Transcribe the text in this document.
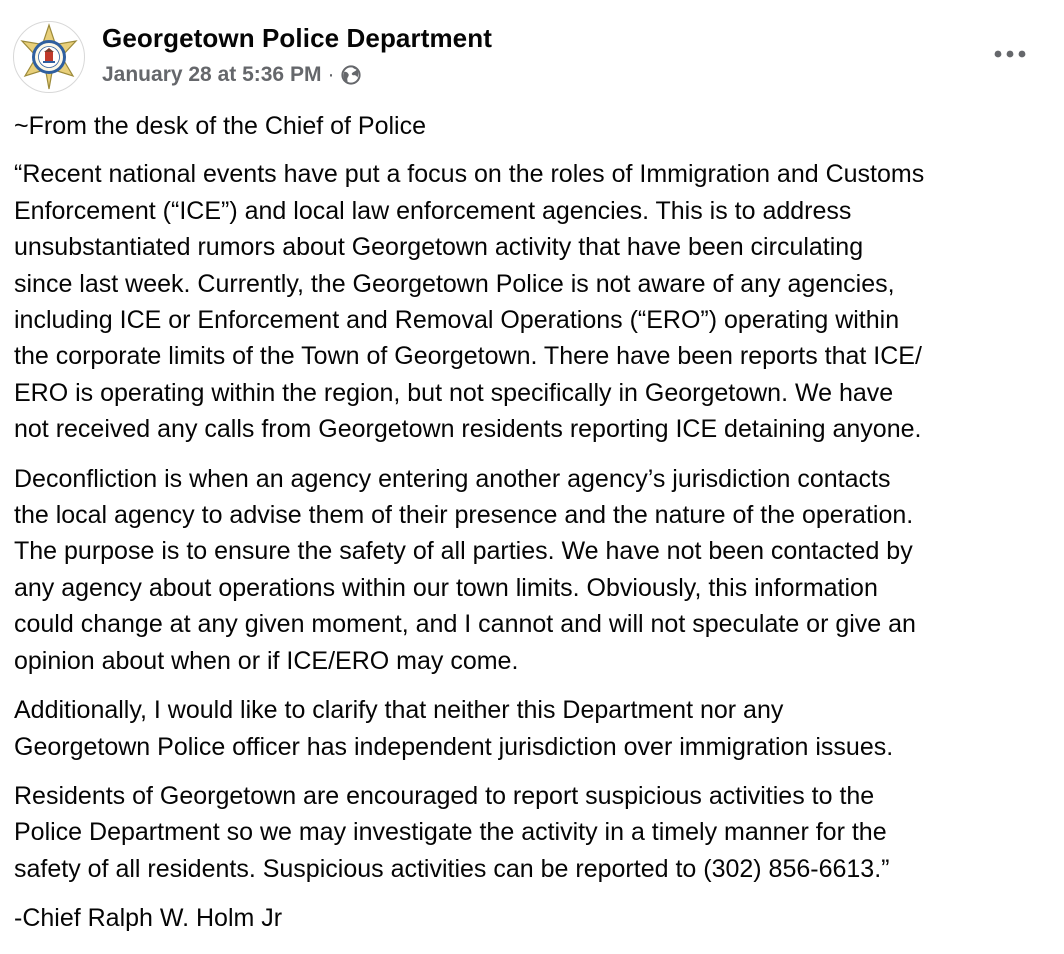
Georgetown Police Department
January 28 at 5:36 PM ·

~From the desk of the Chief of Police

“Recent national events have put a focus on the roles of Immigration and Customs
Enforcement (“ICE”) and local law enforcement agencies. This is to address
unsubstantiated rumors about Georgetown activity that have been circulating
since last week. Currently, the Georgetown Police is not aware of any agencies,
including ICE or Enforcement and Removal Operations (“ERO”) operating within
the corporate limits of the Town of Georgetown. There have been reports that ICE/
ERO is operating within the region, but not specifically in Georgetown. We have
not received any calls from Georgetown residents reporting ICE detaining anyone.

Deconfliction is when an agency entering another agency’s jurisdiction contacts
the local agency to advise them of their presence and the nature of the operation.
The purpose is to ensure the safety of all parties. We have not been contacted by
any agency about operations within our town limits. Obviously, this information
could change at any given moment, and I cannot and will not speculate or give an
opinion about when or if ICE/ERO may come.

Additionally, I would like to clarify that neither this Department nor any
Georgetown Police officer has independent jurisdiction over immigration issues.

Residents of Georgetown are encouraged to report suspicious activities to the
Police Department so we may investigate the activity in a timely manner for the
safety of all residents. Suspicious activities can be reported to (302) 856-6613.”

-Chief Ralph W. Holm Jr
